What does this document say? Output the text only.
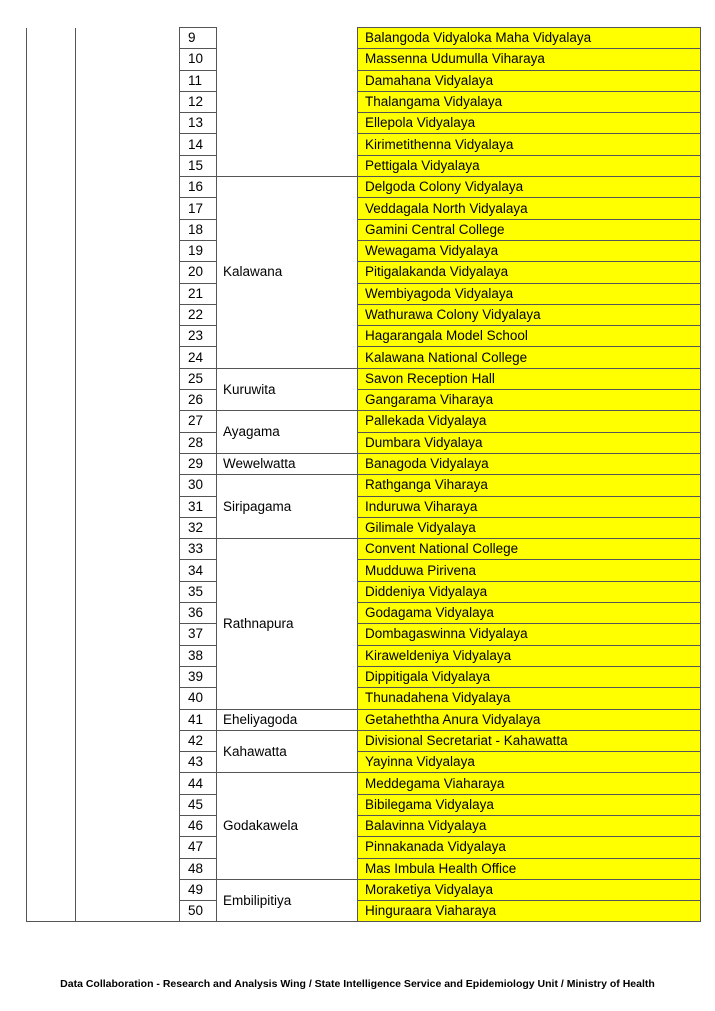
		9		Balangoda Vidyaloka Maha Vidyalaya
		10		Massenna Udumulla Viharaya
		11		Damahana Vidyalaya
		12		Thalangama Vidyalaya
		13		Ellepola Vidyalaya
		14		Kirimetithenna Vidyalaya
		15		Pettigala Vidyalaya
		16	Kalawana	Delgoda Colony Vidyalaya
		17		Veddagala North Vidyalaya
		18		Gamini Central College
		19		Wewagama Vidyalaya
		20		Pitigalakanda Vidyalaya
		21		Wembiyagoda Vidyalaya
		22		Wathurawa Colony Vidyalaya
		23		Hagarangala Model School
		24		Kalawana National College
		25	Kuruwita	Savon Reception Hall
		26		Gangarama Viharaya
		27	Ayagama	Pallekada Vidyalaya
		28		Dumbara Vidyalaya
		29	Wewelwatta	Banagoda Vidyalaya
		30	Siripagama	Rathganga Viharaya
		31		Induruwa Viharaya
		32		Gilimale Vidyalaya
		33	Rathnapura	Convent National College
		34		Mudduwa Pirivena
		35		Diddeniya Vidyalaya
		36		Godagama Vidyalaya
		37		Dombagaswinna Vidyalaya
		38		Kiraweldeniya Vidyalaya
		39		Dippitigala Vidyalaya
		40		Thunadahena Vidyalaya
		41	Eheliyagoda	Getaheththa Anura Vidyalaya
		42	Kahawatta	Divisional Secretariat - Kahawatta
		43		Yayinna Vidyalaya
		44	Godakawela	Meddegama Viaharaya
		45		Bibilegama Vidyalaya
		46		Balavinna Vidyalaya
		47		Pinnakanada Vidyalaya
		48		Mas Imbula Health Office
		49	Embilipitiya	Moraketiya Vidyalaya
		50		Hinguraara Viaharaya
Data Collaboration - Research and Analysis Wing / State Intelligence Service and Epidemiology Unit / Ministry of Health
